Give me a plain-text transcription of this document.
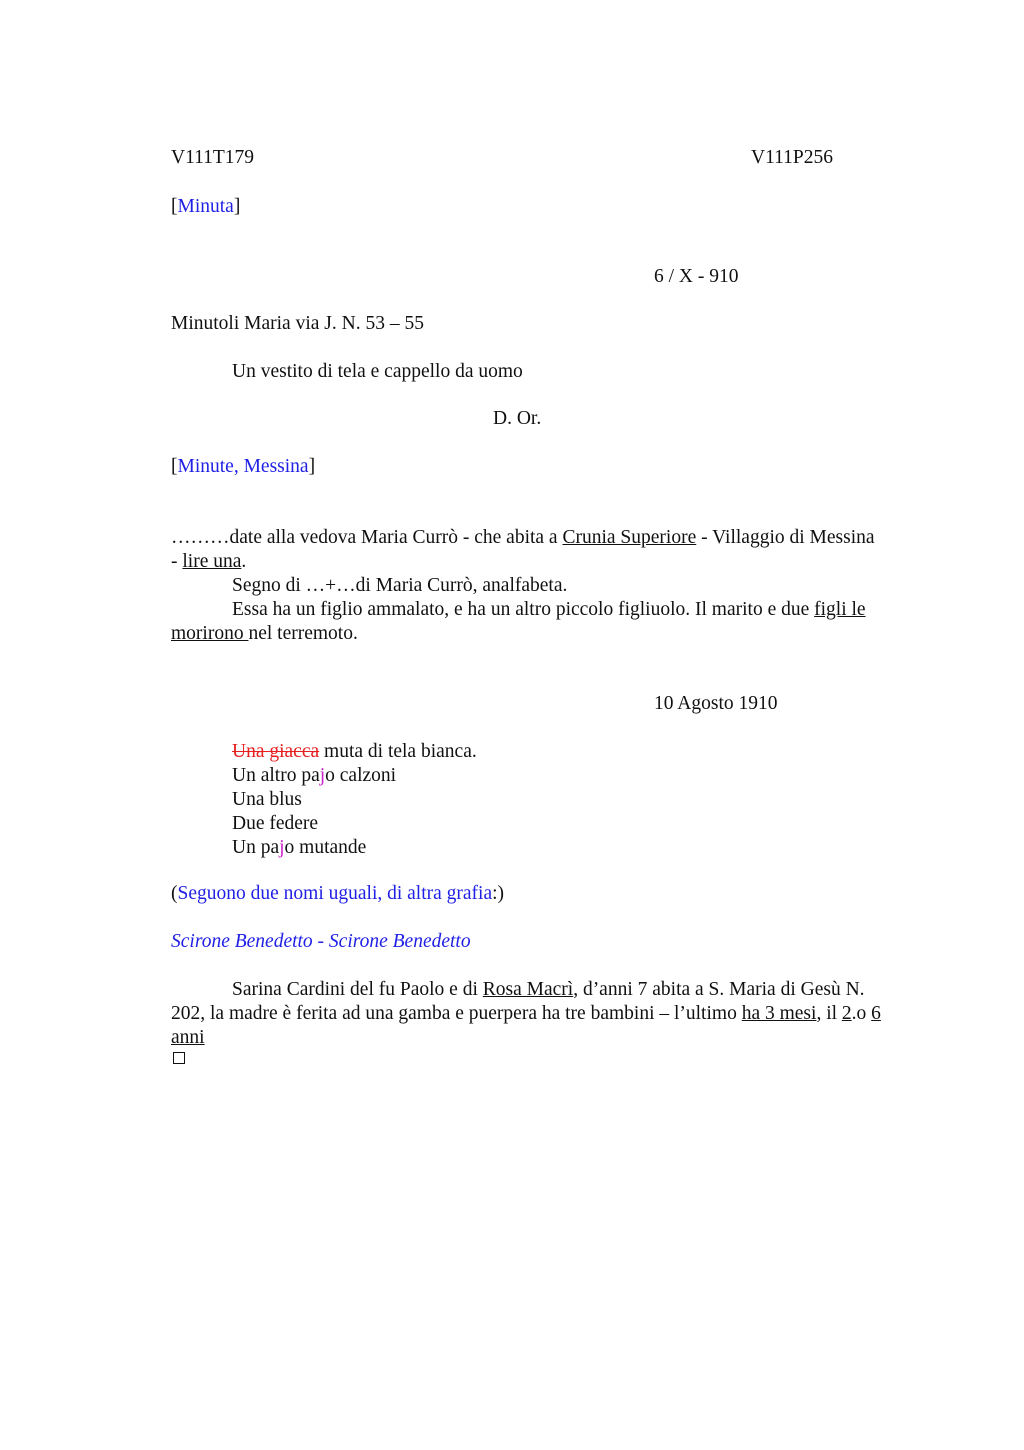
V111T179	V111P256
[Minuta]
6 / X - 910
Minutoli Maria via J. N. 53 – 55
Un vestito di tela e cappello da uomo
D. Or.
[Minute, Messina]
………date alla vedova Maria Currò - che abita a Crunia Superiore - Villaggio di Messina
- lire una.
Segno di …+…di Maria Currò, analfabeta.
Essa ha un figlio ammalato, e ha un altro piccolo figliuolo. Il marito e due figli le
morirono nel terremoto.
10 Agosto 1910
Una giacca muta di tela bianca.
Un altro pajo calzoni
Una blus
Due federe
Un pajo mutande
(Seguono due nomi uguali, di altra grafia:)
Scirone Benedetto - Scirone Benedetto
Sarina Cardini del fu Paolo e di Rosa Macrì, d’anni 7 abita a S. Maria di Gesù N.
202, la madre è ferita ad una gamba e puerpera ha tre bambini – l’ultimo ha 3 mesi, il 2.o 6
anni
